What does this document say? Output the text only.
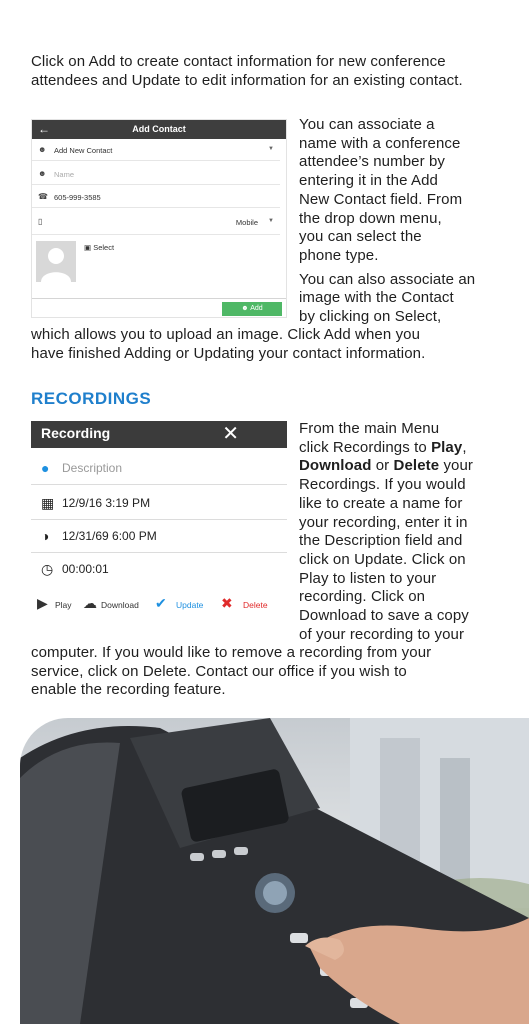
Click on Add to create contact information for new conference attendees and Update to edit information for an existing contact.

←	Add Contact
☻ Add New Contact	▼
☻ Name
☎ 605-999-3585
▯	Mobile ▼
▣ Select
☻ Add
You can associate a
name with a conference
attendee’s number by
entering it in the Add
New Contact field. From
the drop down menu,
you can select the
phone type.
You can also associate an
image with the Contact
by clicking on Select,
which allows you to upload an image. Click Add when you
have finished Adding or Updating your contact information.
RECORDINGS
Recording	✕
● Description
▦ 12/9/16 3:19 PM
◑ 12/31/69 6:00 PM
◷ 00:00:01
▶ Play ☁ Download ✔ Update ✖ Delete
From the main Menu
click Recordings to Play,
Download or Delete your
Recordings. If you would
like to create a name for
your recording, enter it in
the Description field and
click on Update. Click on
Play to listen to your
recording. Click on
Download to save a copy
of your recording to your
computer. If you would like to remove a recording from your
service, click on Delete. Contact our office if you wish to
enable the recording feature.
